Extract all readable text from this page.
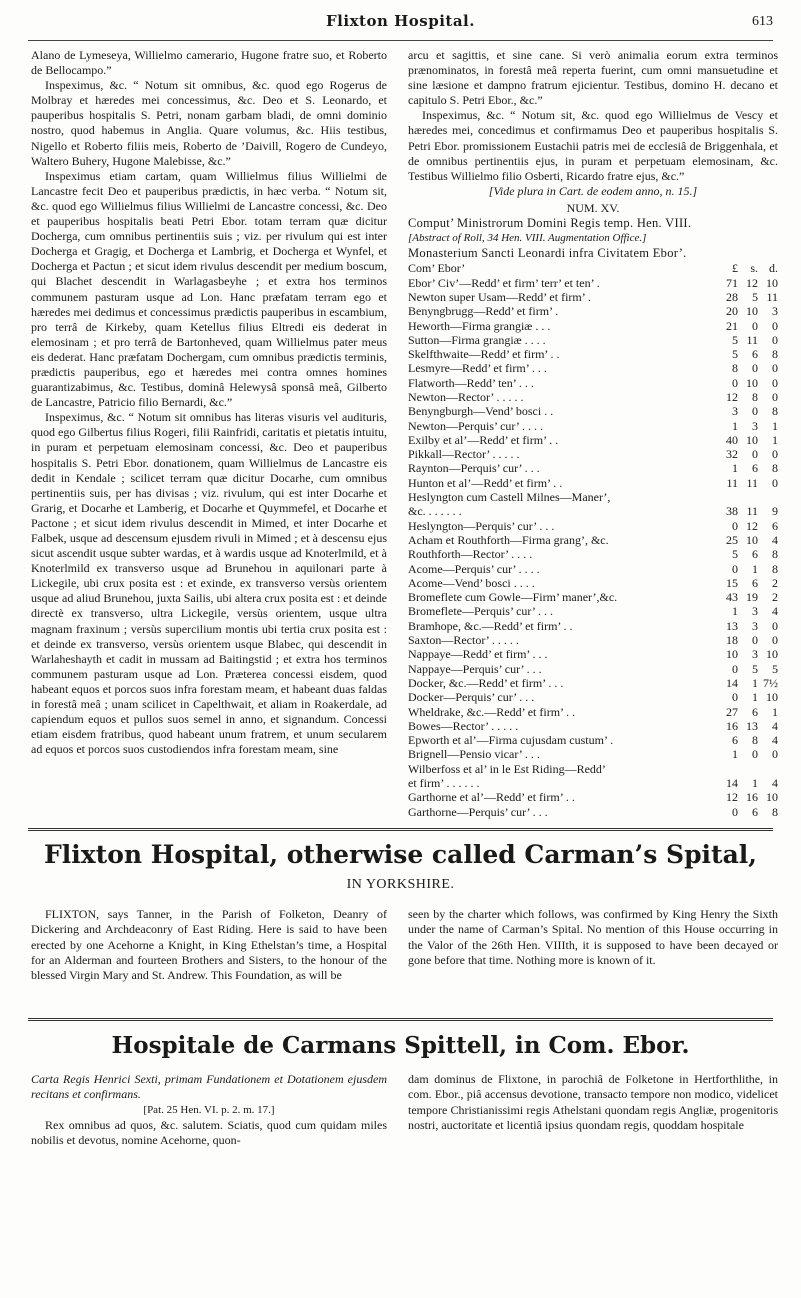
Flixton Hospital.	613

Alano de Lymeseya, Willielmo camerario, Hugone fratre suo, et Roberto de Bellocampo.”

Inspeximus, &c. “ Notum sit omnibus, &c. quod ego Rogerus de Molbray et hæredes mei concessimus, &c. Deo et S. Leonardo, et pauperibus hospitalis S. Petri, nonam garbam bladi, de omni dominio nostro, quod habemus in Anglia. Quare volumus, &c. Hiis testibus, Nigello et Roberto filiis meis, Roberto de ’Daivill, Rogero de Cundeyo, Waltero Buhery, Hugone Malebisse, &c.”

Inspeximus etiam cartam, quam Willielmus filius Willielmi de Lancastre fecit Deo et pauperibus prædictis, in hæc verba. “ Notum sit, &c. quod ego Willielmus filius Willielmi de Lancastre concessi, &c. Deo et pauperibus hospitalis beati Petri Ebor. totam terram quæ dicitur Docherga, cum omnibus pertinentiis suis ; viz. per rivulum qui est inter Docherga et Gragig, et Docherga et Lambrig, et Docherga et Wynfel, et Docherga et Pactun ; et sicut idem rivulus descendit per medium boscum, qui Blachet descendit in Warlagasbeyhe ; et extra hos terminos communem pasturam usque ad Lon. Hanc præfatam terram ego et hæredes mei dedimus et concessimus prædictis pauperibus in escambium, pro terrâ de Kirkeby, quam Ketellus filius Eltredi eis dederat in elemosinam ; et pro terrâ de Bartonheved, quam Willielmus pater meus eis dederat. Hanc præfatam Dochergam, cum omnibus prædictis terminis, prædictis pauperibus, ego et hæredes mei contra omnes homines guarantizabimus, &c. Testibus, dominâ Helewysâ sponsâ meâ, Gilberto de Lancastre, Patricio filio Bernardi, &c.”

Inspeximus, &c. “ Notum sit omnibus has literas visuris vel audituris, quod ego Gilbertus filius Rogeri, filii Rainfridi, caritatis et pietatis intuitu, in puram et perpetuam elemosinam concessi, &c. Deo et pauperibus hospitalis S. Petri Ebor. donationem, quam Willielmus de Lancastre eis dedit in Kendale ; scilicet terram quæ dicitur Docarhe, cum omnibus pertinentiis suis, per has divisas ; viz. rivulum, qui est inter Docarhe et Grarig, et Docarhe et Lamberig, et Docarhe et Quymmefel, et Docarhe et Pactone ; et sicut idem rivulus descendit in Mimed, et inter Docarhe et Falbek, usque ad descensum ejusdem rivuli in Mimed ; et à descensu ejus sicut ascendit usque subter wardas, et à wardis usque ad Knoterlmild, et à Knoterlmild ex transverso usque ad Brunehou in aquilonari parte à Lickegile, ubi crux posita est : et exinde, ex transverso versùs orientem usque ad aliud Brunehou, juxta Sailis, ubi altera crux posita est : et deinde directè ex transverso, ultra Lickegile, versùs orientem, usque ultra magnam fraxinum ; versùs supercilium montis ubi tertia crux posita est : et deinde ex transverso, versùs orientem usque Blabec, qui descendit in Warlaheshayth et cadit in mussam ad Baitingstid ; et extra hos terminos communem pasturam usque ad Lon. Præterea concessi eisdem, quod habeant equos et porcos suos infra forestam meam, et habeant duas faldas in forestâ meâ ; unam scilicet in Capelthwait, et aliam in Roakerdale, ad capiendum equos et pullos suos semel in anno, et signandum. Concessi etiam eisdem fratribus, quod habeant unum fratrem, et unum secularem ad equos et porcos suos custodiendos infra forestam meam, sine

arcu et sagittis, et sine cane. Si verò animalia eorum extra terminos prænominatos, in forestâ meâ reperta fuerint, cum omni mansuetudine et sine læsione et dampno fratrum ejicientur. Testibus, domino H. decano et capitulo S. Petri Ebor., &c.”

Inspeximus, &c. “ Notum sit, &c. quod ego Willielmus de Vescy et hæredes mei, concedimus et confirmamus Deo et pauperibus hospitalis S. Petri Ebor. promissionem Eustachii patris mei de ecclesiâ de Briggenhala, et de omnibus pertinentiis ejus, in puram et perpetuam elemosinam, &c. Testibus Willielmo filio Osberti, Ricardo fratre ejus, &c.”

[Vide plura in Cart. de eodem anno, n. 15.]

NUM. XV.

Comput’ Ministrorum Domini Regis temp. Hen. VIII.

[Abstract of Roll, 34 Hen. VIII. Augmentation Office.]

Monasterium Sancti Leonardi infra Civitatem Ebor’.

Com’ Ebor’	£	s.	d.
Ebor’ Civ’—Redd’ et firm’ terr’ et ten’ .	71	12	10
Newton super Usam—Redd’ et firm’ .	28	5	11
Benyngbrugg—Redd’ et firm’ .	20	10	3
Heworth—Firma grangiæ . . .	21	0	0
Sutton—Firma grangiæ . . . .	5	11	0
Skelfthwaite—Redd’ et firm’ . .	5	6	8
Lesmyre—Redd’ et firm’ . . .	8	0	0
Flatworth—Redd’ ten’ . . .	0	10	0
Newton—Rector’ . . . . .	12	8	0
Benyngburgh—Vend’ bosci . .	3	0	8
Newton—Perquis’ cur’ . . . .	1	3	1
Exilby et al’—Redd’ et firm’ . .	40	10	1
Pikkall—Rector’ . . . . .	32	0	0
Raynton—Perquis’ cur’ . . .	1	6	8
Hunton et al’—Redd’ et firm’ . .	11	11	0
Heslyngton cum Castell Milnes—Maner’,			
&c. . . . . . .	38	11	9
Heslyngton—Perquis’ cur’ . . .	0	12	6
Acham et Routhforth—Firma grang’, &c.	25	10	4
Routhforth—Rector’ . . . .	5	6	8
Acome—Perquis’ cur’ . . . .	0	1	8
Acome—Vend’ bosci . . . .	15	6	2
Bromeflete cum Gowle—Firm’ maner’,&c.	43	19	2
Bromeflete—Perquis’ cur’ . . .	1	3	4
Bramhope, &c.—Redd’ et firm’ . .	13	3	0
Saxton—Rector’ . . . . .	18	0	0
Nappaye—Redd’ et firm’ . . .	10	3	10
Nappaye—Perquis’ cur’ . . .	0	5	5
Docker, &c.—Redd’ et firm’ . . .	14	1	7½
Docker—Perquis’ cur’ . . .	0	1	10
Wheldrake, &c.—Redd’ et firm’ . .	27	6	1
Bowes—Rector’ . . . . .	16	13	4
Epworth et al’—Firma cujusdam custum’ .	6	8	4
Brignell—Pensio vicar’ . . .	1	0	0
Wilberfoss et al’ in le Est Riding—Redd’			
et firm’ . . . . . .	14	1	4
Garthorne et al’—Redd’ et firm’ . .	12	16	10
Garthorne—Perquis’ cur’ . . .	0	6	8
Flixton Hospital, otherwise called Carman’s Spital,
IN YORKSHIRE.

FLIXTON, says Tanner, in the Parish of Folketon, Deanry of Dickering and Archdeaconry of East Riding. Here is said to have been erected by one Acehorne a Knight, in King Ethelstan’s time, a Hospital for an Alderman and fourteen Brothers and Sisters, to the honour of the blessed Virgin Mary and St. Andrew. This Foundation, as will be

seen by the charter which follows, was confirmed by King Henry the Sixth under the name of Carman’s Spital. No mention of this House occurring in the Valor of the 26th Hen. VIIIth, it is supposed to have been decayed or gone before that time. Nothing more is known of it.

Hospitale de Carmans Spittell, in Com. Ebor.

Carta Regis Henrici Sexti, primam Fundationem et Dotationem ejusdem recitans et confirmans.

[Pat. 25 Hen. VI. p. 2. m. 17.]

Rex omnibus ad quos, &c. salutem. Sciatis, quod cum quidam miles nobilis et devotus, nomine Acehorne, quon-

dam dominus de Flixtone, in parochiâ de Folketone in Hertforthlithe, in com. Ebor., piâ accensus devotione, transacto tempore non modico, videlicet tempore Christianissimi regis Athelstani quondam regis Angliæ, progenitoris nostri, auctoritate et licentiâ ipsius quondam regis, quoddam hospitale
